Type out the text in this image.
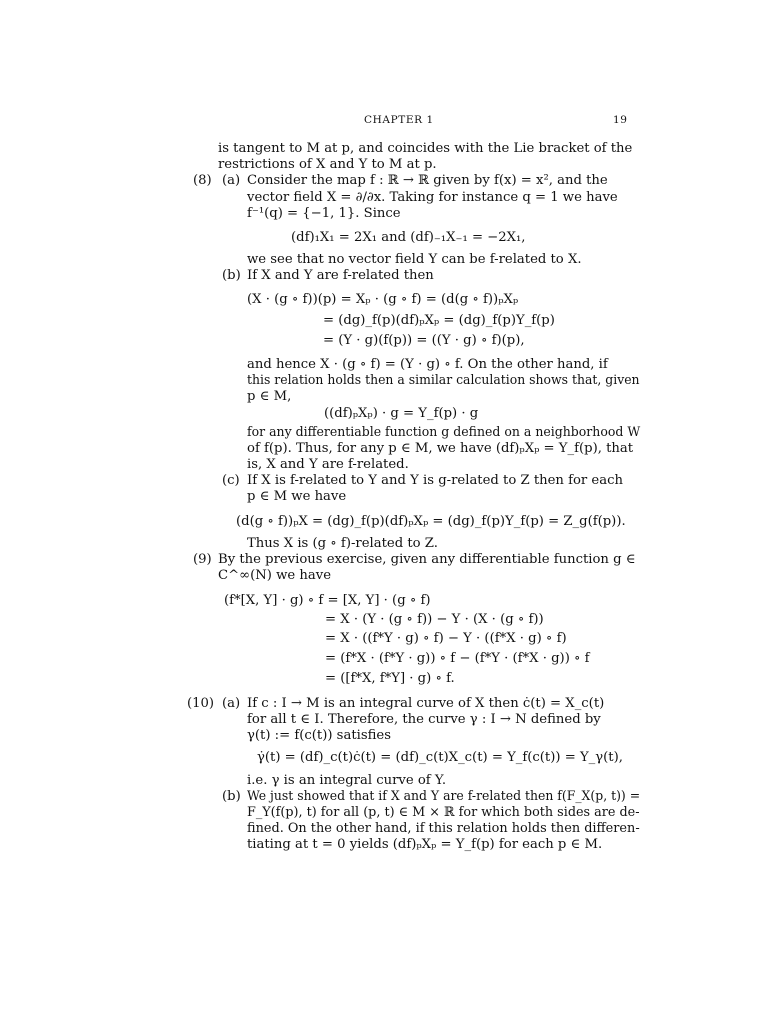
CHAPTER 1	19
is tangent to M at p, and coincides with the Lie bracket of the
restrictions of X and Y to M at p.
(8) (a) Consider the map f : ℝ → ℝ given by f(x) = x², and the
vector field X = ∂/∂x. Taking for instance q = 1 we have
f⁻¹(q) = {−1, 1}. Since
(df)₁X₁ = 2X₁ and (df)₋₁X₋₁ = −2X₁,
we see that no vector field Y can be f-related to X.
(b) If X and Y are f-related then
(X · (g ∘ f))(p) = Xₚ · (g ∘ f) = (d(g ∘ f))ₚXₚ
= (dg)_f(p)(df)ₚXₚ = (dg)_f(p)Y_f(p)
= (Y · g)(f(p)) = ((Y · g) ∘ f)(p),
and hence X · (g ∘ f) = (Y · g) ∘ f. On the other hand, if
this relation holds then a similar calculation shows that, given
p ∈ M,
((df)ₚXₚ) · g = Y_f(p) · g
for any differentiable function g defined on a neighborhood W
of f(p). Thus, for any p ∈ M, we have (df)ₚXₚ = Y_f(p), that
is, X and Y are f-related.
(c) If X is f-related to Y and Y is g-related to Z then for each
p ∈ M we have
(d(g ∘ f))ₚX = (dg)_f(p)(df)ₚXₚ = (dg)_f(p)Y_f(p) = Z_g(f(p)).
Thus X is (g ∘ f)-related to Z.
(9) By the previous exercise, given any differentiable function g ∈
C^∞(N) we have
(f*[X, Y] · g) ∘ f = [X, Y] · (g ∘ f)
= X · (Y · (g ∘ f)) − Y · (X · (g ∘ f))
= X · ((f*Y · g) ∘ f) − Y · ((f*X · g) ∘ f)
= (f*X · (f*Y · g)) ∘ f − (f*Y · (f*X · g)) ∘ f
= ([f*X, f*Y] · g) ∘ f.
(10) (a) If c : I → M is an integral curve of X then ċ(t) = X_c(t)
for all t ∈ I. Therefore, the curve γ : I → N defined by
γ(t) := f(c(t)) satisfies
γ̇(t) = (df)_c(t)ċ(t) = (df)_c(t)X_c(t) = Y_f(c(t)) = Y_γ(t),
i.e. γ is an integral curve of Y.
(b) We just showed that if X and Y are f-related then f(F_X(p, t)) =
F_Y(f(p), t) for all (p, t) ∈ M × ℝ for which both sides are de-
fined. On the other hand, if this relation holds then differen-
tiating at t = 0 yields (df)ₚXₚ = Y_f(p) for each p ∈ M.
